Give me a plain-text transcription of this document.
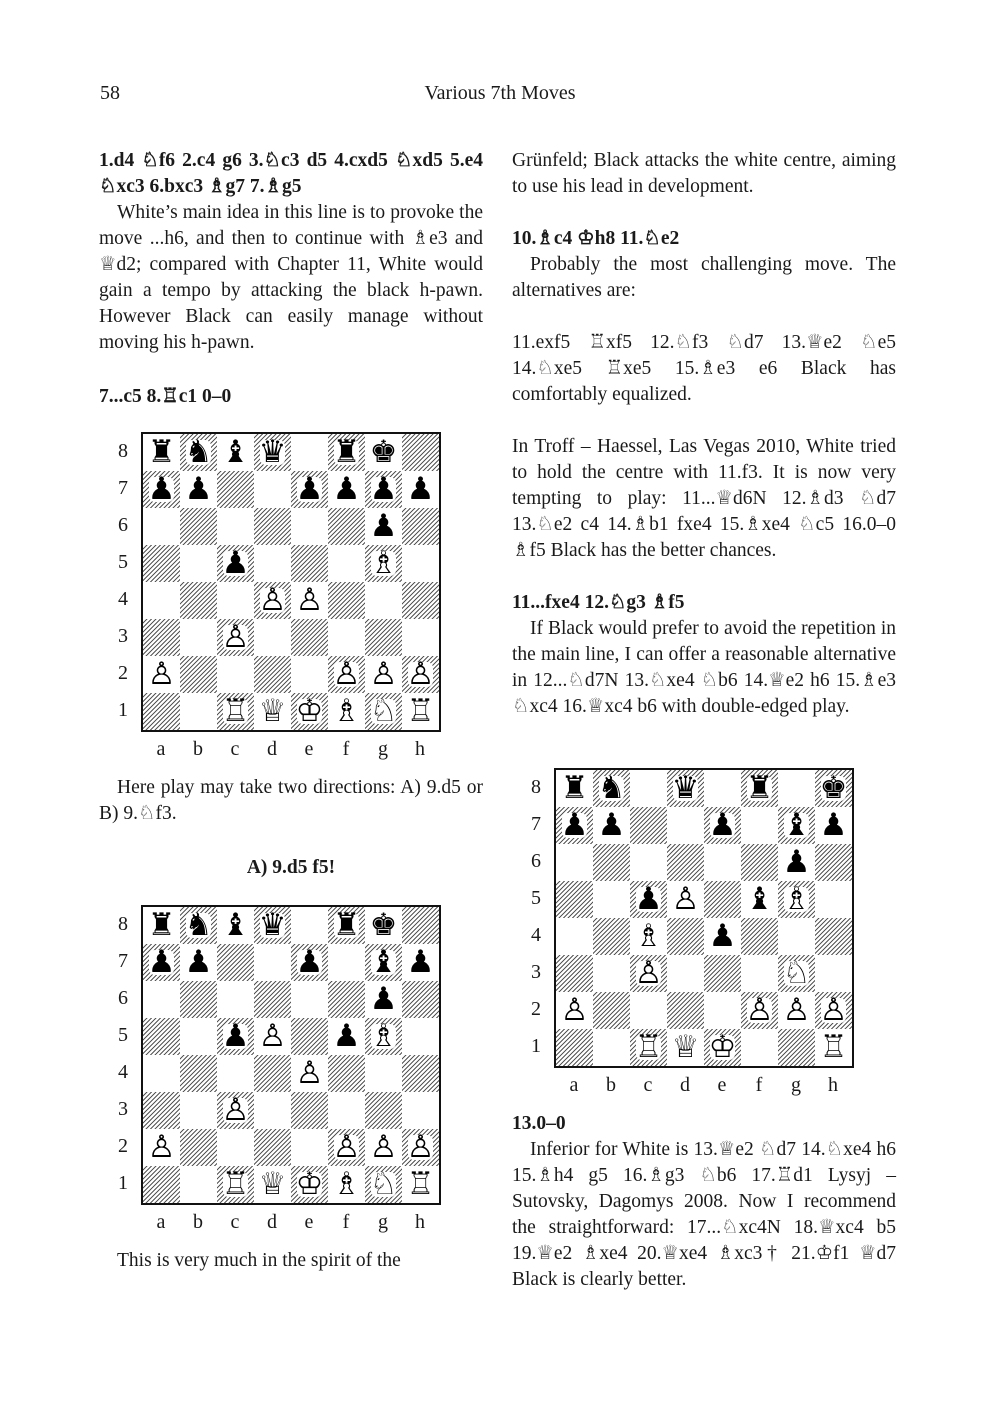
58	Various 7th Moves

1.d4 ♘f6 2.c4 g6 3.♘c3 d5 4.cxd5 ♘xd5 5.e4 ♘xc3 6.bxc3 ♗g7 7.♗g5

White’s main idea in this line is to provoke the move ...h6, and then to continue with ♗e3 and ♕d2; compared with Chapter 11, White would gain a tempo by attacking the black h-pawn. However Black can easily manage without moving his h-pawn.

7...c5 8.♖c1 0–0

♜ ♞ ♝ ♛ ♜ ♚
♟ ♟	♟ ♟ ♟ ♟
♟
♟	♗
♙ ♙
♙
♙	♙ ♙ ♙
♖ ♕ ♔ ♗ ♘ ♖
8
7
6
5
4
3
2
1
a	b	c	d	e	f	g	h

Here play may take two directions: A) 9.d5 or B) 9.♘f3.

A) 9.d5 f5!

♜ ♞ ♝ ♛ ♜ ♚
♟ ♟	♟ ♝ ♟
♟
♟ ♙ ♟ ♗
♙
♙
♙	♙ ♙ ♙
♖ ♕ ♔ ♗ ♘ ♖
8
7
6
5
4
3
2
1
a	b	c	d	e	f	g	h

This is very much in the spirit of the

Grünfeld; Black attacks the white centre, aiming to use his lead in development.

10.♗c4 ♔h8 11.♘e2

Probably the most challenging move. The alternatives are:

11.exf5 ♖xf5 12.♘f3 ♘d7 13.♕e2 ♘e5 14.♘xe5 ♖xe5 15.♗e3 e6 Black has comfortably equalized.

In Troff – Haessel, Las Vegas 2010, White tried to hold the centre with 11.f3. It is now very tempting to play: 11...♕d6N 12.♗d3 ♘d7 13.♘e2 c4 14.♗b1 fxe4 15.♗xe4 ♘c5 16.0–0 ♗f5 Black has the better chances.

11...fxe4 12.♘g3 ♗f5

If Black would prefer to avoid the repetition in the main line, I can offer a reasonable alternative in 12...♘d7N 13.♘xe4 ♘b6 14.♕e2 h6 15.♗e3 ♘xc4 16.♕xc4 b6 with double-edged play.

♜ ♞ ♛ ♜ ♚
♟ ♟	♟ ♝ ♟
♟
♟ ♙ ♝ ♗
♗ ♟
♙	♘
♙	♙ ♙ ♙
♖ ♕ ♔	♖
8
7
6
5
4
3
2
1
a	b	c	d	e	f	g	h

13.0–0

Inferior for White is 13.♕e2 ♘d7 14.♘xe4 h6 15.♗h4 g5 16.♗g3 ♘b6 17.♖d1 Lysyj – Sutovsky, Dagomys 2008. Now I recommend the straightforward: 17...♘xc4N 18.♕xc4 b5 19.♕e2 ♗xe4 20.♕xe4 ♗xc3† 21.♔f1 ♕d7 Black is clearly better.
